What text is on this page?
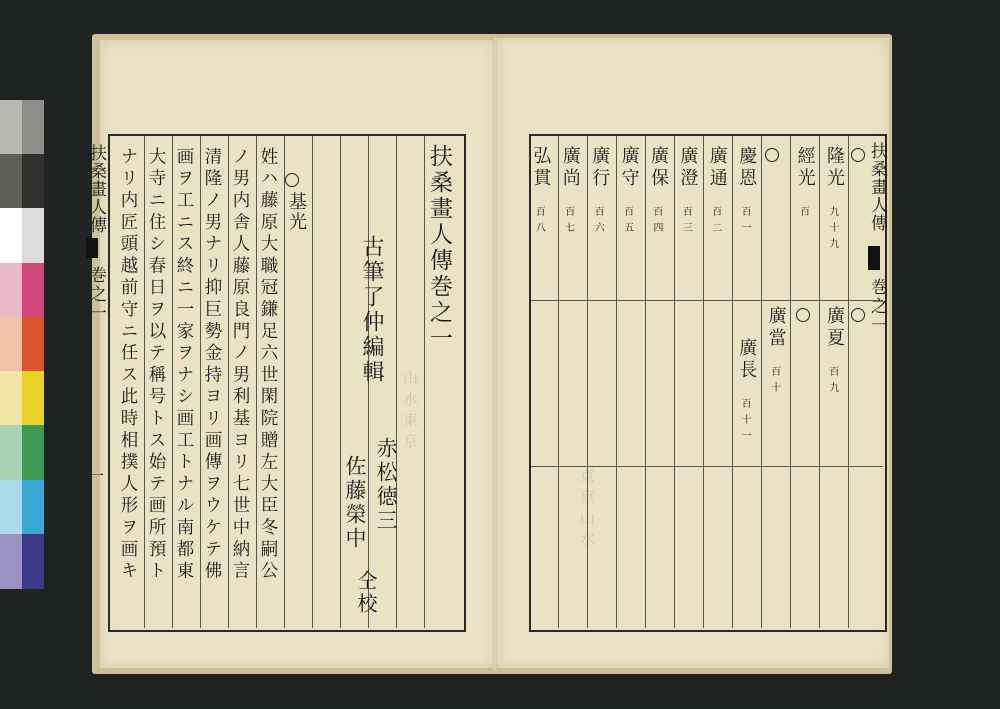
扶桑畫人傳巻之一
古筆了仲編輯
赤松徳三
佐藤榮中
仝校
基光
姓ハ藤原大職冠鎌足六世閑院贈左大臣冬嗣公
ノ男内舎人藤原良門ノ男利基ヨリ七世中納言
清隆ノ男ナリ抑巨勢金持ヨリ画傳ヲウケテ佛
画ヲ工ニス終ニ一家ヲナシ画工トナル南都東
大寺ニ住シ春日ヲ以テ稱号トス始テ画所預ト
ナリ内匠頭越前守ニ任ス此時相撲人形ヲ画キ
扶桑畫人傳
巻之一
一
山水東京
扶桑畫人傳
巻之一
隆光
九十九
經光
百
慶恩
百一
廣通
百二
廣澄
百三
廣保
百四
廣守
百五
廣行
百六
廣尚
百七
弘貫
百八
廣夏
百九
廣當
百十
廣長
百十一
東京山水
